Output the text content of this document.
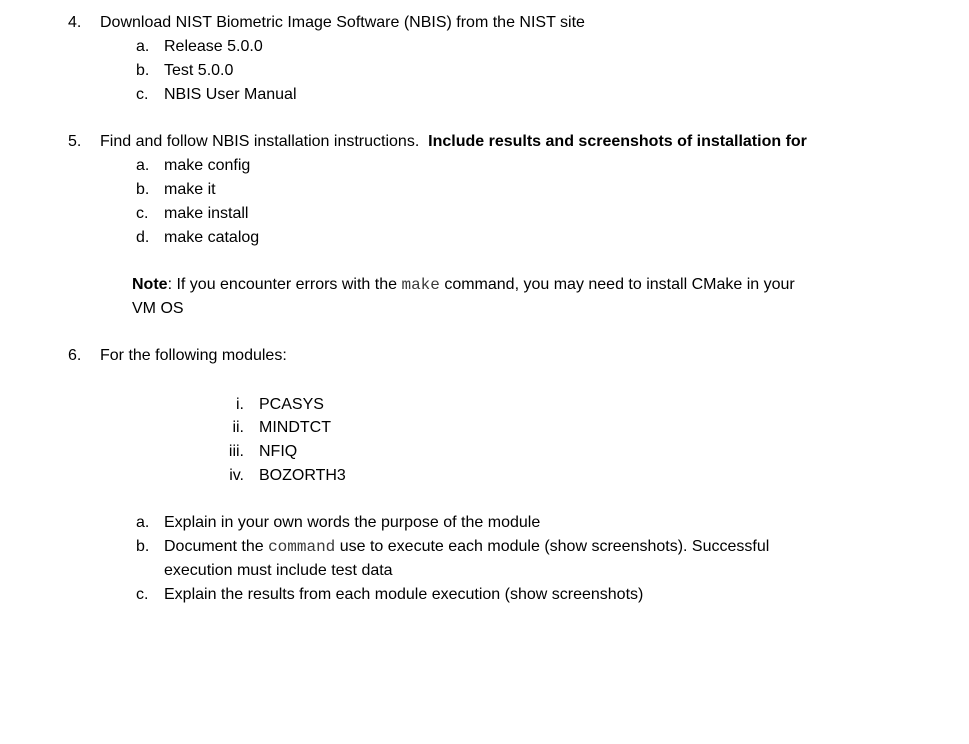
4. Download NIST Biometric Image Software (NBIS) from the NIST site
a. Release 5.0.0
b. Test 5.0.0
c. NBIS User Manual
5. Find and follow NBIS installation instructions. Include results and screenshots of installation for
a. make config
b. make it
c. make install
d. make catalog
Note: If you encounter errors with the make command, you may need to install CMake in your
VM OS
6. For the following modules:
i. PCASYS
ii. MINDTCT
iii. NFIQ
iv. BOZORTH3
a. Explain in your own words the purpose of the module
b. Document the command use to execute each module (show screenshots). Successful
execution must include test data
c. Explain the results from each module execution (show screenshots)
